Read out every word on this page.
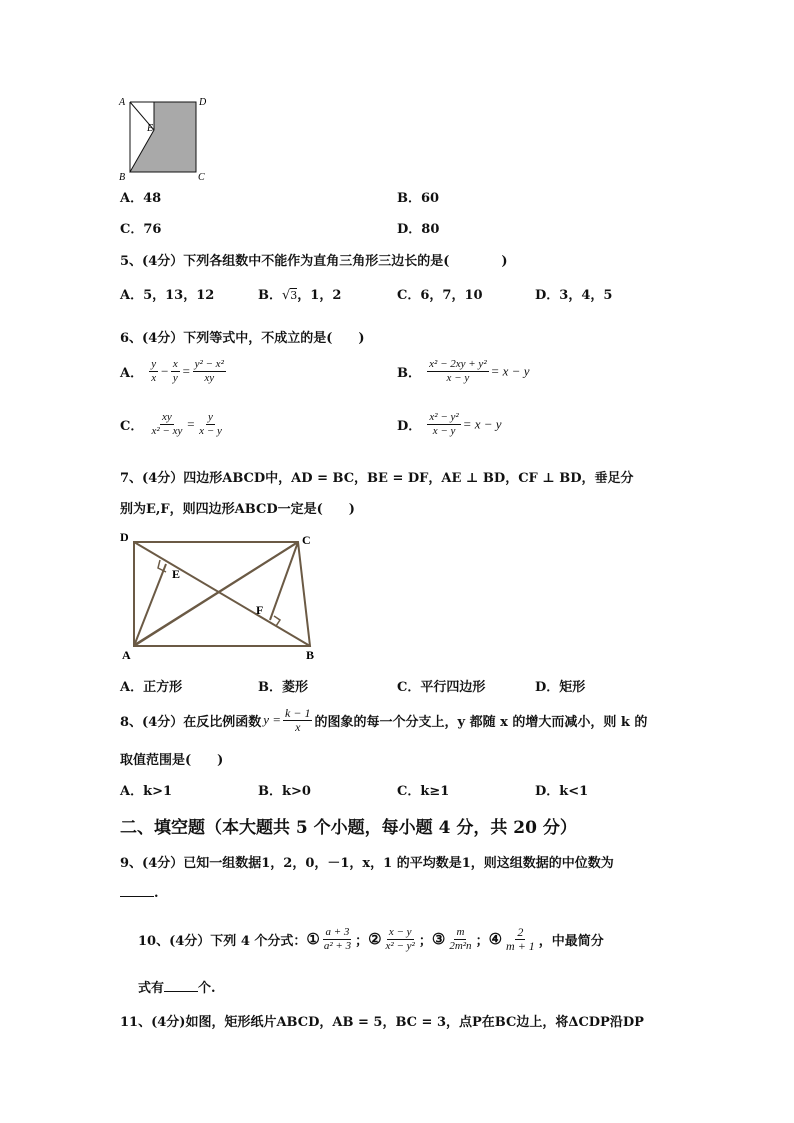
A	D
E
B	C
A．48	B．60
C．76	D．80
5、(4分）下列各组数中不能作为直角三角形三边长的是(　　　　)
A．5，13，12	B．√3，1，2	C．6，7，10	D．3，4，5
6、(4分）下列等式中，不成立的是(　　)
A． $\frac{y}{x} - \frac{x}{y} = \frac{\text{y² − x²}}{xy}$	B． $\frac{\text{x² − 2xy + y²}}{x - y} = x - y$
C． $\frac{xy}{\text{x² − xy}} = \frac{y}{x - y}$	D． $\frac{\text{x² − y²}}{x - y} = x - y$
7、(4分）四边形ABCD中，AD = BC，BE = DF，AE ⊥ BD，CF ⊥ BD，垂足分
别为E,F，则四边形ABCD一定是(　　)
D	C
E
F
A	B
A．正方形	B．菱形	C．平行四边形	D．矩形
8、(4分）在反比例函数 $y = \frac{k - 1}{x}$ 的图象的每一个分支上，y 都随 x 的增大而减小，则 k 的
取值范围是(　　)
A．k>1	B．k>0	C．k≥1	D．k<1
二、填空题（本大题共 5 个小题，每小题 4 分，共 20 分）
9、(4分）已知一组数据1，2，0，－1，x，1 的平均数是1，则这组数据的中位数为
.
10、(4分）下列 4 个分式： ① $\frac{a + 3}{\text{a² + 3}}$ ； ② $\frac{x - y}{\text{x² − y²}}$ ； ③ $\frac{m}{\text{2m²n}}$ ； ④ $\frac{2}{m + 1}$ ，中最简分
式有	个.
11、(4分)如图，矩形纸片ABCD，AB = 5，BC = 3，点P在BC边上，将ΔCDP沿DP
